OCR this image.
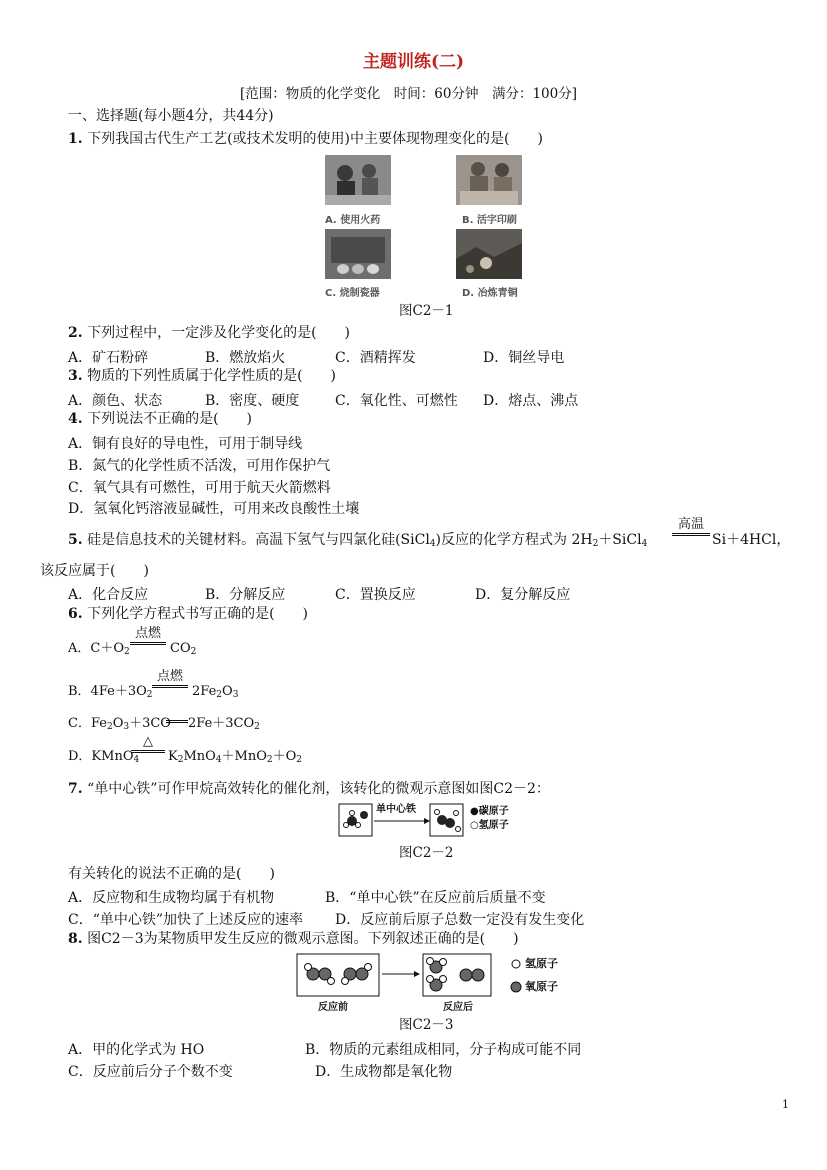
主题训练(二)
[范围：物质的化学变化　时间：60分钟　满分：100分]
一、选择题(每小题4分，共44分)
1. 下列我国古代生产工艺(或技术发明的使用)中主要体现物理变化的是(　　)
A. 使用火药	B. 活字印刷
C. 烧制瓷器	D. 冶炼青铜
图C2－1
2. 下列过程中，一定涉及化学变化的是(　　)
A．矿石粉碎	B．燃放焰火	C．酒精挥发	D．铜丝导电
3. 物质的下列性质属于化学性质的是(　　)
A．颜色、状态	B．密度、硬度	C．氧化性、可燃性 D．熔点、沸点
4. 下列说法不正确的是(　　)
A．铜有良好的导电性，可用于制导线
B．氮气的化学性质不活泼，可用作保护气
C．氧气具有可燃性，可用于航天火箭燃料
D．氢氧化钙溶液显碱性，可用来改良酸性土壤
5. 硅是信息技术的关键材料。高温下氢气与四氯化硅(SiCl$_4$)反应的化学方程式为 $2H_2+SiCl_4$
高温
Si＋4HCl，
该反应属于(　　)
A．化合反应	B．分解反应	C．置换反应	D．复分解反应
6. 下列化学方程式书写正确的是(　　)
A．$C+O_2$
点燃
$CO_2$
B．$4Fe+3O_2$
点燃
$2Fe_2O_3$
C．$Fe_2O_3+3CO$ $2Fe+3CO_2$
D．KMnO$_4$
△
$K_2MnO_4+MnO_2+O_2$
7. “单中心铁”可作甲烷高效转化的催化剂，该转化的微观示意图如图C2－2：
单中心铁	●碳原子
○氢原子
图C2－2
有关转化的说法不正确的是(　　)
A．反应物和生成物均属于有机物	B．“单中心铁”在反应前后质量不变
C．“单中心铁”加快了上述反应的速率 D．反应前后原子总数一定没有发生变化
8. 图C2－3为某物质甲发生反应的微观示意图。下列叙述正确的是(　　)
氢原子
氧原子
反应前	反应后
图C2－3
A．甲的化学式为 HO	B．物质的元素组成相同，分子构成可能不同
C．反应前后分子个数不变	D．生成物都是氧化物
1
